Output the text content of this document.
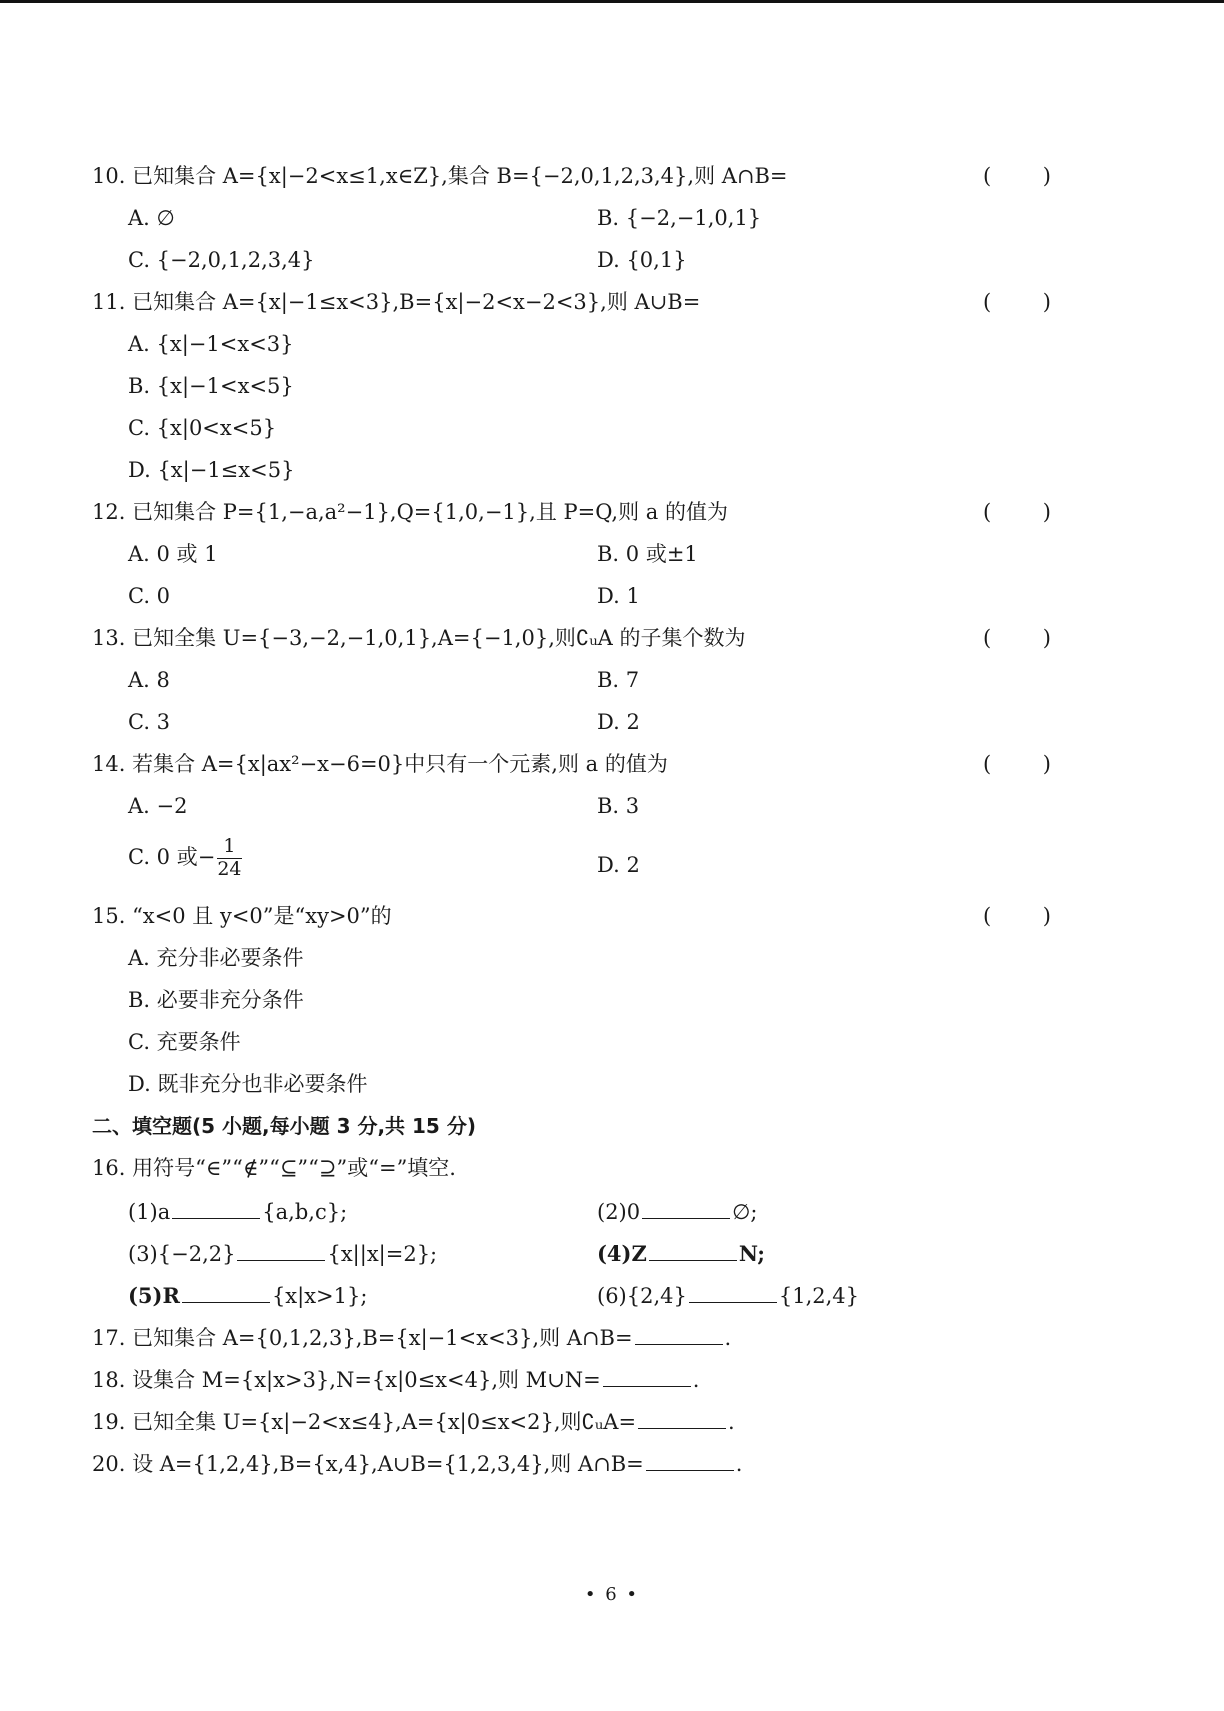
10. 已知集合 A={x|−2<x≤1,x∈Z},集合 B={−2,0,1,2,3,4},则 A∩B=	( )
A. ∅	B. {−2,−1,0,1}
C. {−2,0,1,2,3,4}	D. {0,1}
11. 已知集合 A={x|−1≤x<3},B={x|−2<x−2<3},则 A∪B=	( )
A. {x|−1<x<3}
B. {x|−1<x<5}
C. {x|0<x<5}
D. {x|−1≤x<5}
12. 已知集合 P={1,−a,a²−1},Q={1,0,−1},且 P=Q,则 a 的值为	( )
A. 0 或 1	B. 0 或±1
C. 0	D. 1
13. 已知全集 U={−3,−2,−1,0,1},A={−1,0},则∁ᵤA 的子集个数为	( )
A. 8	B. 7
C. 3	D. 2
14. 若集合 A={x|ax²−x−6=0}中只有一个元素,则 a 的值为	( )
A. −2	B. 3
C. 0 或− $\frac{1}{24}$	D. 2
15. “x<0 且 y<0”是“xy>0”的	( )
A. 充分非必要条件
B. 必要非充分条件
C. 充要条件
D. 既非充分也非必要条件
二、填空题(5 小题,每小题 3 分,共 15 分)
16. 用符号“∈”“∉”“⊆”“⊇”或“=”填空.
(1)a	{a,b,c};	(2)0	∅;
(3){−2,2}	{x||x|=2};	(4)Z	N;
(5)R	{x|x>1};	(6){2,4}	{1,2,4}
17. 已知集合 A={0,1,2,3},B={x|−1<x<3},则 A∩B=	.
18. 设集合 M={x|x>3},N={x|0≤x<4},则 M∪N=	.
19. 已知全集 U={x|−2<x≤4},A={x|0≤x<2},则∁ᵤA=	.
20. 设 A={1,2,4},B={x,4},A∪B={1,2,3,4},则 A∩B=	.
• 6 •
